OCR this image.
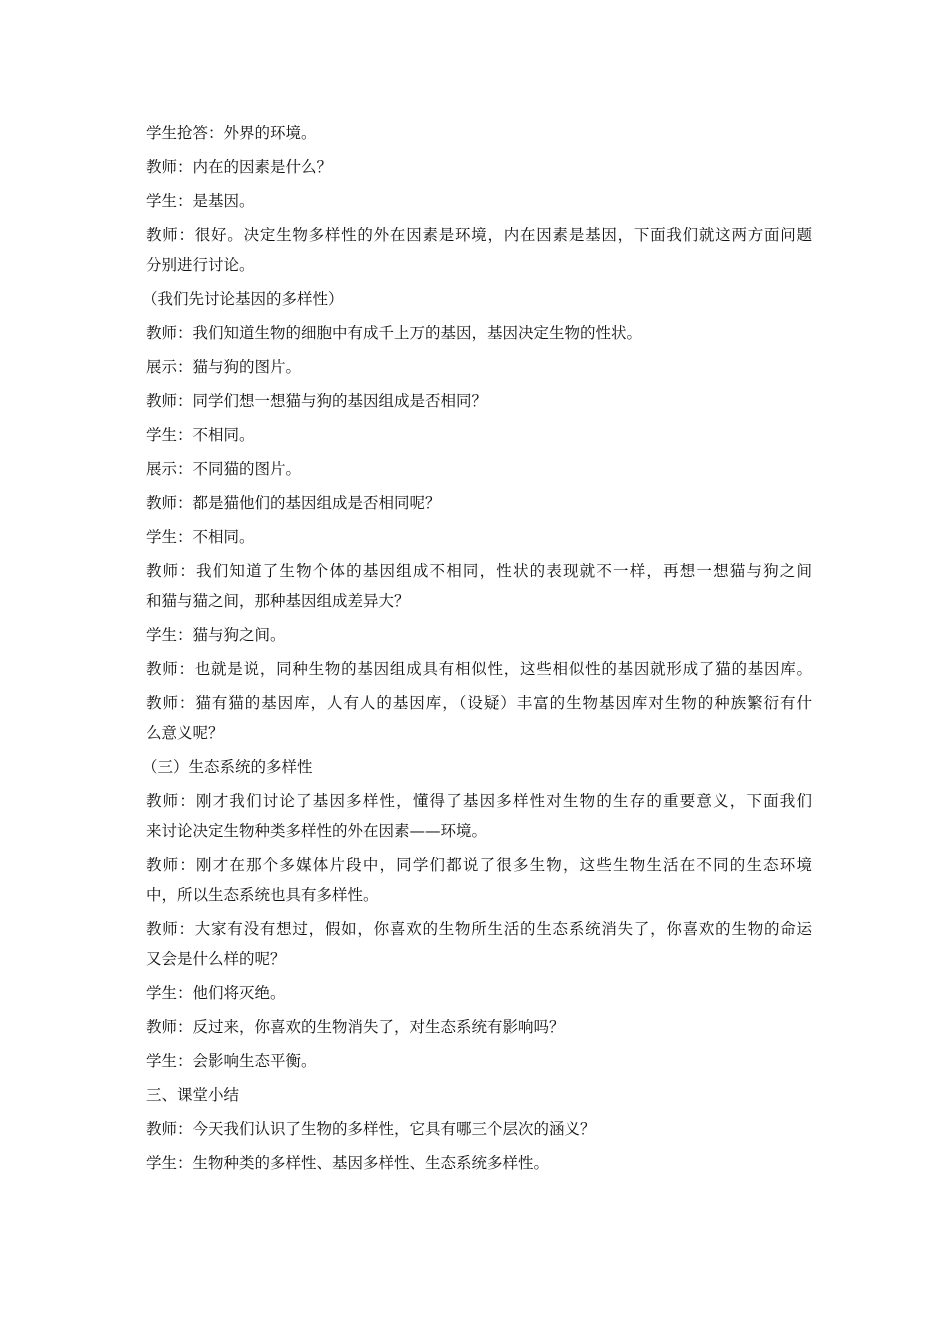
学生抢答：外界的环境。
教师：内在的因素是什么？
学生：是基因。
教师：很好。决定生物多样性的外在因素是环境，内在因素是基因，下面我们就这两方面问题
分别进行讨论。
（我们先讨论基因的多样性）
教师：我们知道生物的细胞中有成千上万的基因，基因决定生物的性状。
展示：猫与狗的图片。
教师：同学们想一想猫与狗的基因组成是否相同？
学生：不相同。
展示：不同猫的图片。
教师：都是猫他们的基因组成是否相同呢？
学生：不相同。
教师：我们知道了生物个体的基因组成不相同，性状的表现就不一样，再想一想猫与狗之间
和猫与猫之间，那种基因组成差异大？
学生：猫与狗之间。
教师：也就是说，同种生物的基因组成具有相似性，这些相似性的基因就形成了猫的基因库。
教师：猫有猫的基因库，人有人的基因库，（设疑）丰富的生物基因库对生物的种族繁衍有什
么意义呢？
（三）生态系统的多样性
教师：刚才我们讨论了基因多样性，懂得了基因多样性对生物的生存的重要意义，下面我们
来讨论决定生物种类多样性的外在因素——环境。
教师：刚才在那个多媒体片段中，同学们都说了很多生物，这些生物生活在不同的生态环境
中，所以生态系统也具有多样性。
教师：大家有没有想过，假如，你喜欢的生物所生活的生态系统消失了，你喜欢的生物的命运
又会是什么样的呢？
学生：他们将灭绝。
教师：反过来，你喜欢的生物消失了，对生态系统有影响吗？
学生：会影响生态平衡。
三、课堂小结
教师：今天我们认识了生物的多样性，它具有哪三个层次的涵义？
学生：生物种类的多样性、基因多样性、生态系统多样性。
